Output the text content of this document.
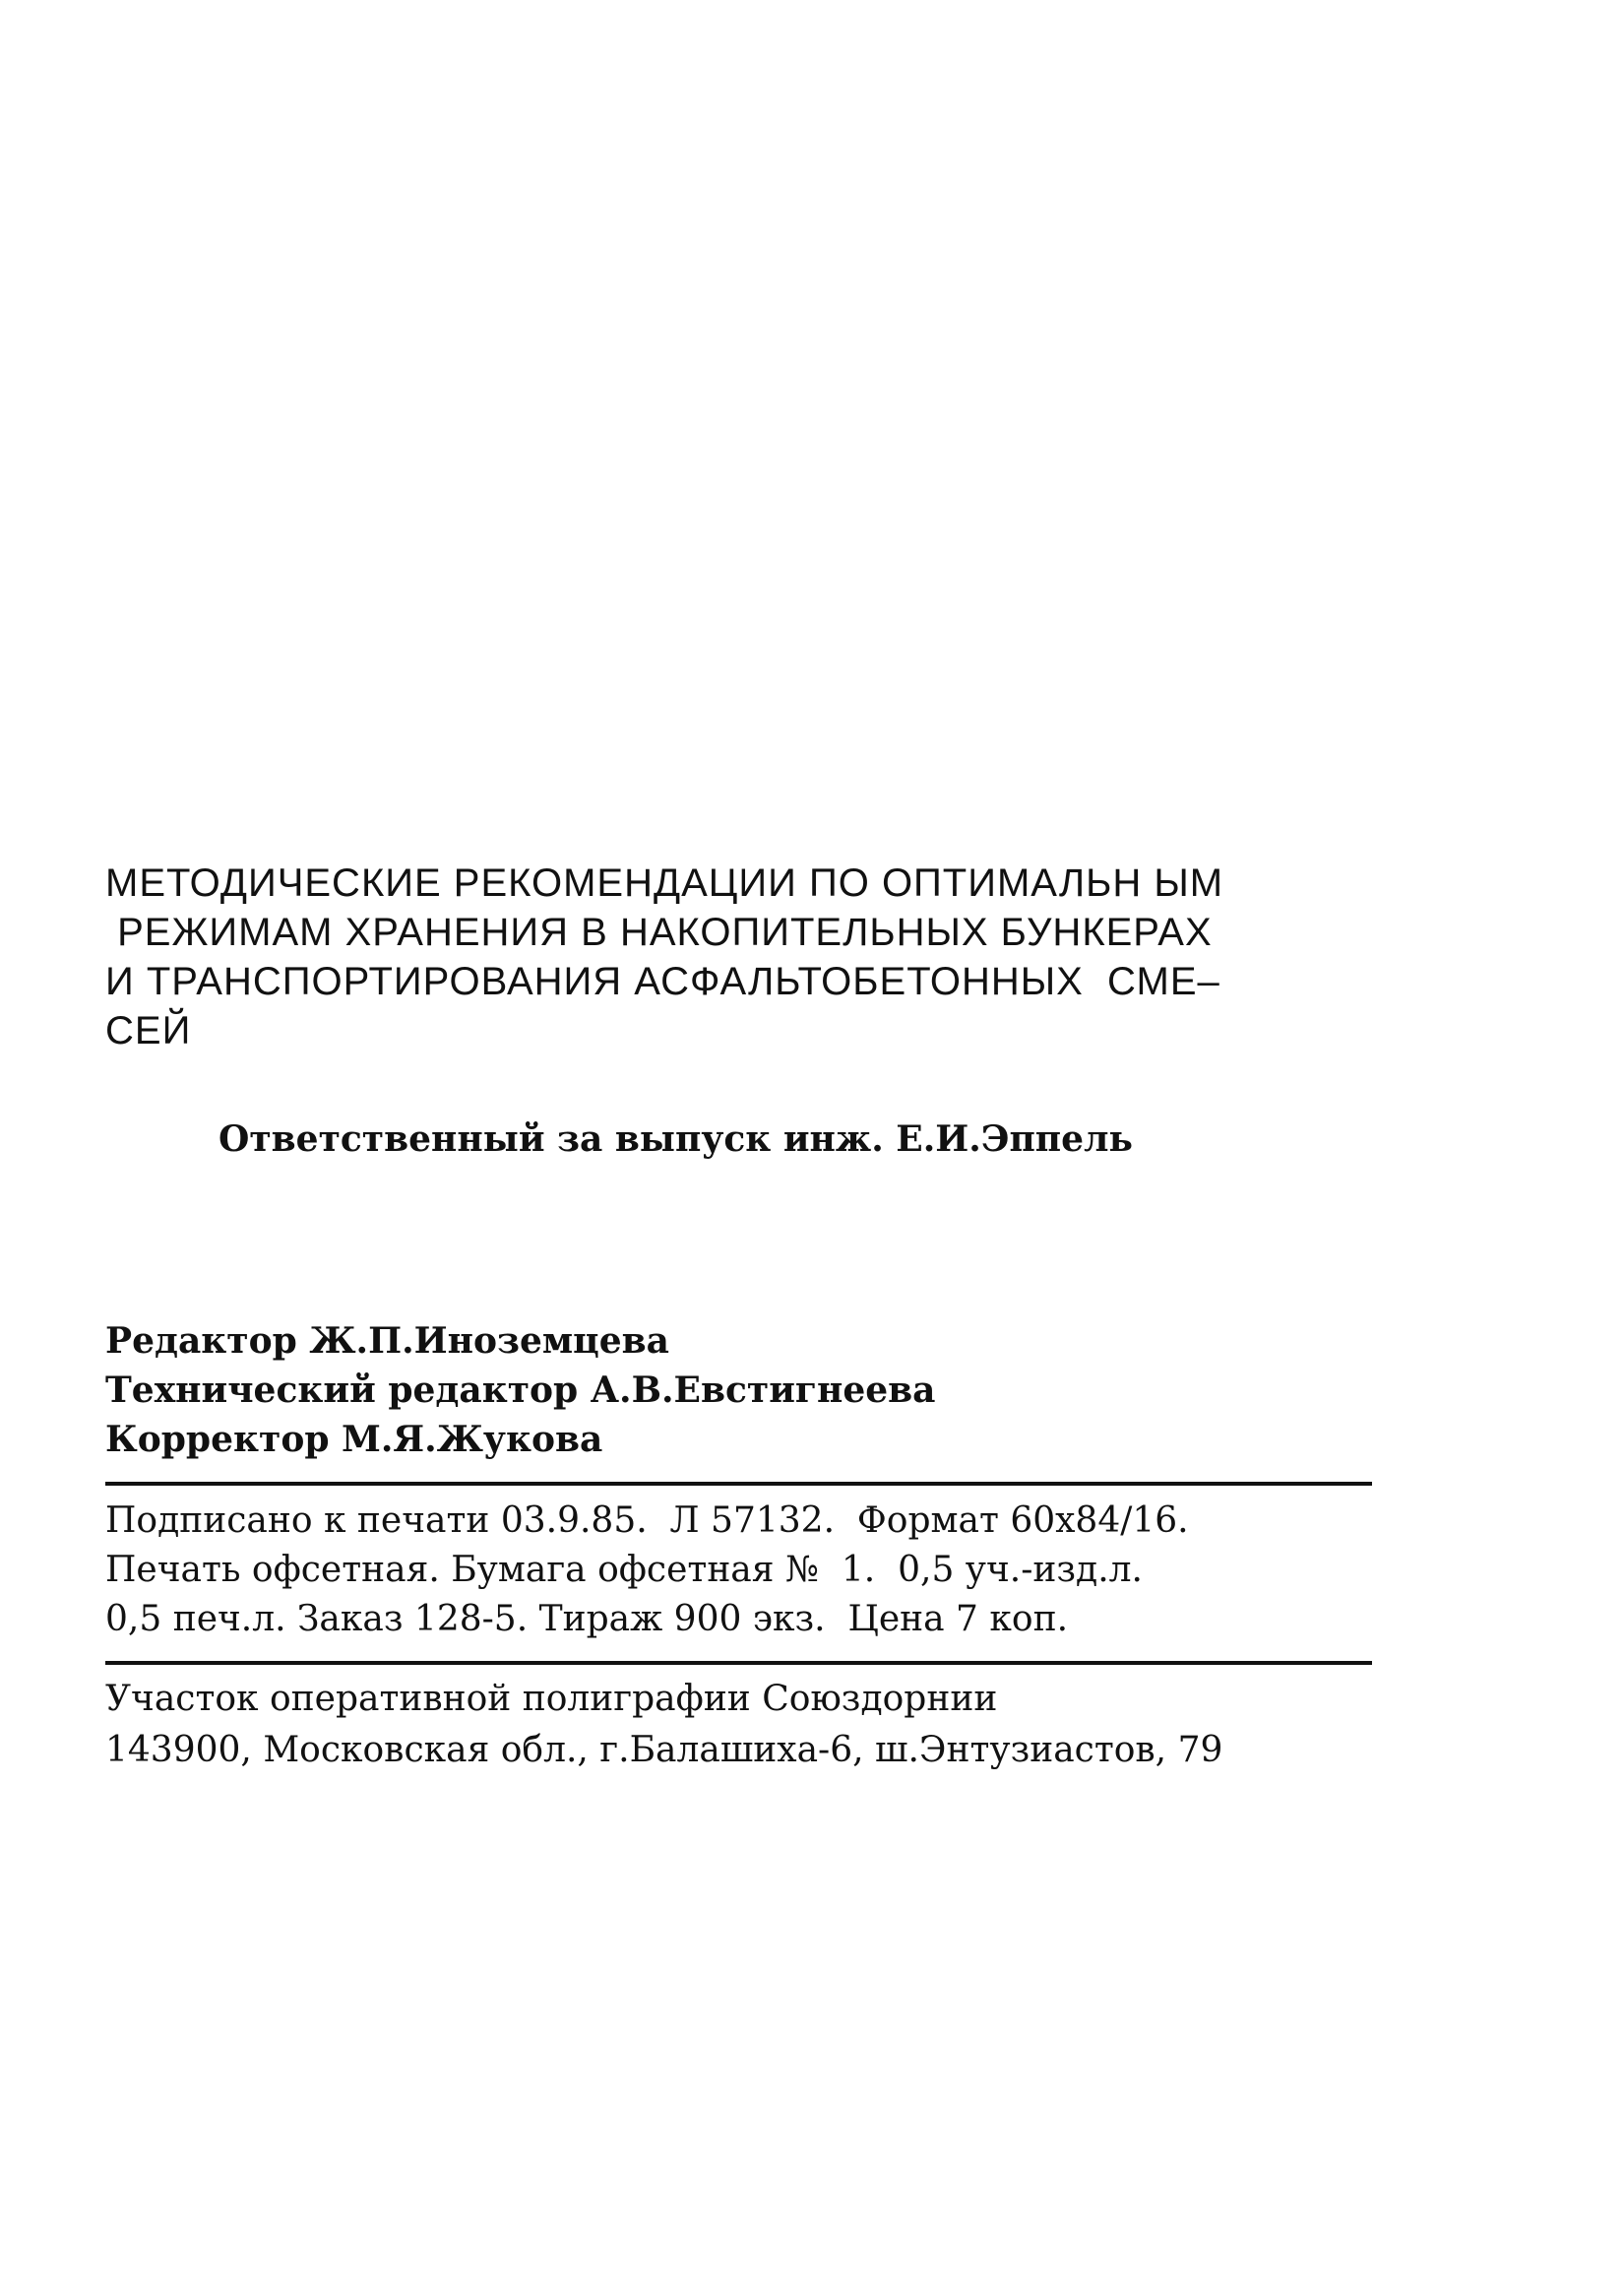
МЕТОДИЧЕСКИЕ РЕКОМЕНДАЦИИ ПО ОПТИМАЛЬН ЫМ
РЕЖИМАМ ХРАНЕНИЯ В НАКОПИТЕЛЬНЫХ БУНКЕРАХ
И ТРАНСПОРТИРОВАНИЯ АСФАЛЬТОБЕТОННЫХ  СМЕ–
СЕЙ
Ответственный за выпуск инж. Е.И.Эппель
Редактор Ж.П.Иноземцева
Технический редактор А.В.Евстигнеева
Корректор М.Я.Жукова
Подписано к печати 03.9.85.  Л 57132.  Формат 60x84/16.
Печать офсетная. Бумага офсетная №  1.  0,5 уч.-изд.л.
0,5 печ.л. Заказ 128-5. Тираж 900 экз.  Цена 7 коп.
Участок оперативной полиграфии Союздорнии
143900, Московская обл., г.Балашиха-6, ш.Энтузиастов, 79
